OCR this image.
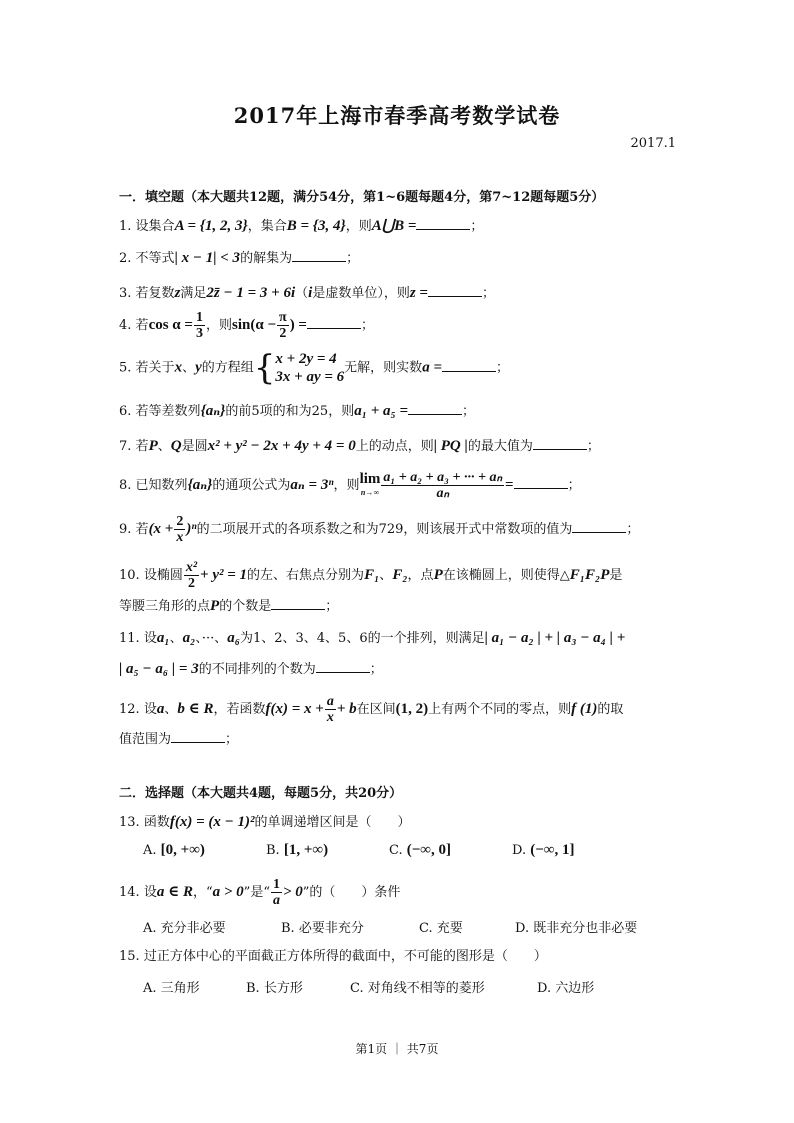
2017年上海市春季高考数学试卷
2017.1
一．填空题（本大题共12题，满分54分，第1~6题每题4分，第7~12题每题5分）
1. 设集合A = {1, 2, 3}，集合B = {3, 4}，则A⋃B =	；
2. 不等式| x − 1| < 3的解集为	；
3. 若复数z满足2z̄ − 1 = 3 + 6i（i是虚数单位），则z =	；
4. 若$\cos \alpha = \frac{1}{3}$ ，则$\sin(\alpha - \frac{\pi}{2}$ ) =	；
5. 若关于x、y的方程组{ x + 2y = 4
3x + ay = 6
无解，则实数a =	；
6. 若等差数列{aₙ}的前5项的和为25，则a₁ + a₅ =	；
7. 若P、Q是圆x² + y² − 2x + 4y + 4 = 0上的动点，则| PQ |的最大值为	；
8. 已知数列{aₙ}的通项公式为aₙ = 3ⁿ，则 lim
$n\to\infty \frac{\text{a₁ + a₂ + a₃ + ··· + aₙ}}{\text{aₙ}}$ =	；
9. 若$(x + \frac{2}{x} )^n$的二项展开式的各项系数之和为729，则该展开式中常数项的值为	；
10. 设椭圆 $\frac{\text{x²}}{2} + y^2 = 1$的左、右焦点分别为F₁、F₂，点P在该椭圆上，则使得△F₁F₂P是
等腰三角形的点P的个数是	；
11. 设a₁、a₂、···、a₆为1、2、3、4、5、6的一个排列，则满足| a₁ − a₂ | + | a₃ − a₄ | +
| a₅ − a₆ | = 3的不同排列的个数为	；
12. 设a、b ∈ R，若函数$f(x) = x + \frac{a}{x} + b$在区间(1, 2)上有两个不同的零点，则f (1)的取
值范围为	；
二．选择题（本大题共4题，每题5分，共20分）
13. 函数f(x) = (x − 1)²的单调递增区间是（　　）
A. [0, +∞)	B. [1, +∞)	C. (−∞, 0]	D. (−∞, 1]
14. 设a ∈ R，“a > 0”是“ $\frac{1}{a} > 0$”的（　　）条件
A. 充分非必要	B. 必要非充分	C. 充要	D. 既非充分也非必要
15. 过正方体中心的平面截正方体所得的截面中，不可能的图形是（　　）
A. 三角形	B. 长方形	C. 对角线不相等的菱形	D. 六边形
第1页 ｜ 共7页
